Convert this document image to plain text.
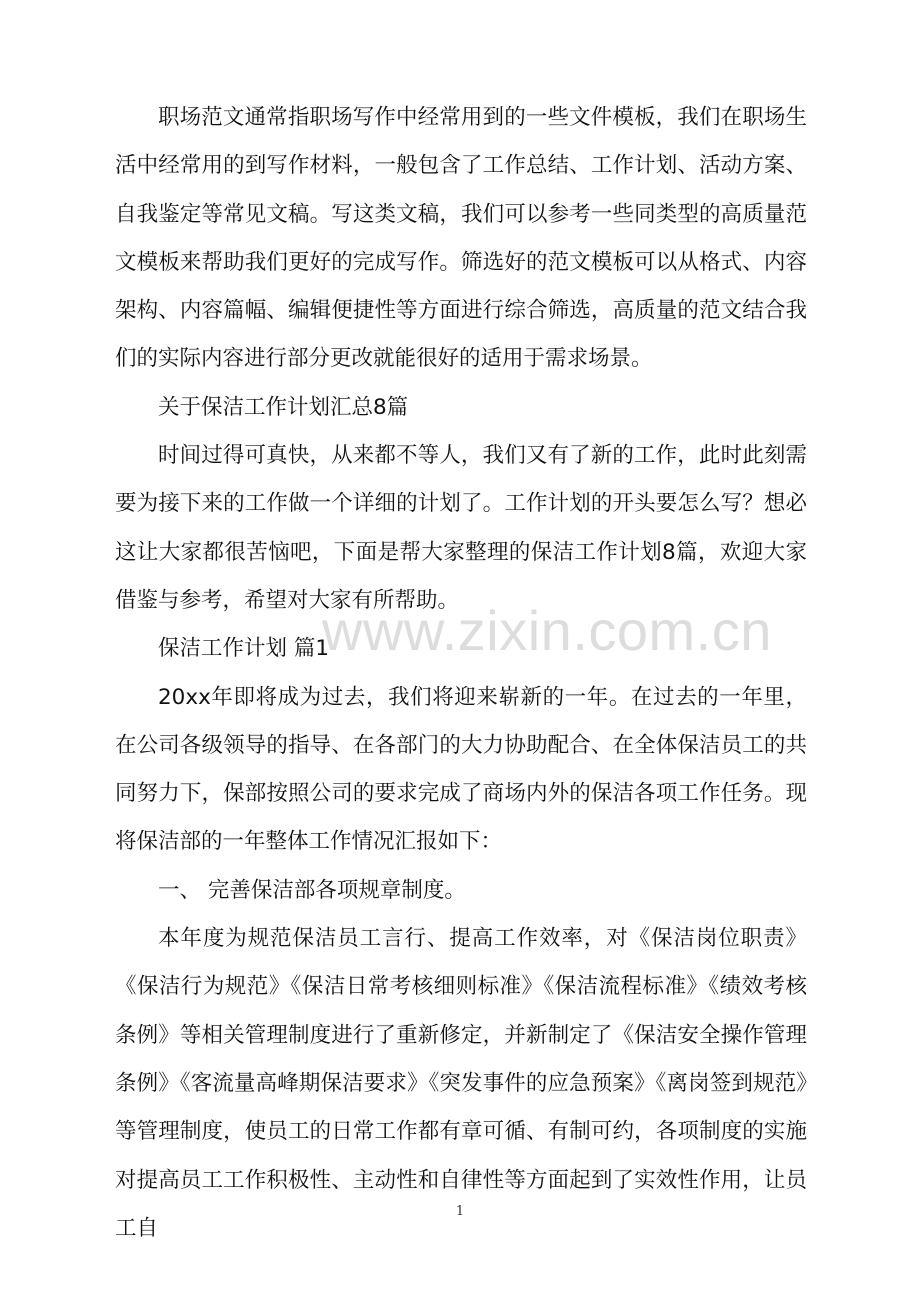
职场范文通常指职场写作中经常用到的一些文件模板，我们在职场生活中经常用的到写作材料，一般包含了工作总结、工作计划、活动方案、自我鉴定等常见文稿。写这类文稿，我们可以参考一些同类型的高质量范文模板来帮助我们更好的完成写作。筛选好的范文模板可以从格式、内容架构、内容篇幅、编辑便捷性等方面进行综合筛选，高质量的范文结合我们的实际内容进行部分更改就能很好的适用于需求场景。

关于保洁工作计划汇总8篇

时间过得可真快，从来都不等人，我们又有了新的工作，此时此刻需要为接下来的工作做一个详细的计划了。工作计划的开头要怎么写？想必这让大家都很苦恼吧，下面是帮大家整理的保洁工作计划8篇，欢迎大家借鉴与参考，希望对大家有所帮助。

保洁工作计划 篇1

20xx年即将成为过去，我们将迎来崭新的一年。在过去的一年里，在公司各级领导的指导、在各部门的大力协助配合、在全体保洁员工的共同努力下，保部按照公司的要求完成了商场内外的保洁各项工作任务。现将保洁部的一年整体工作情况汇报如下：

一、 完善保洁部各项规章制度。

本年度为规范保洁员工言行、提高工作效率，对《保洁岗位职责》《保洁行为规范》《保洁日常考核细则标准》《保洁流程标准》《绩效考核条例》等相关管理制度进行了重新修定，并新制定了《保洁安全操作管理条例》《客流量高峰期保洁要求》《突发事件的应急预案》《离岗签到规范》等管理制度，使员工的日常工作都有章可循、有制可约，各项制度的实施对提高员工工作积极性、主动性和自律性等方面起到了实效性作用，让员工自

www.zixin.com.cn
1
